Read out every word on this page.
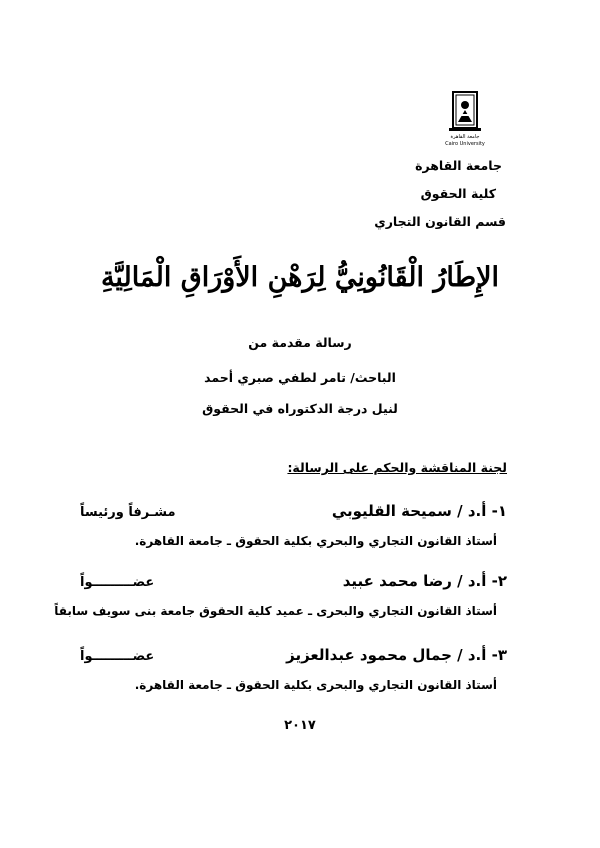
جامعة القاهرة
Cairo University
جامعة القاهرة
كلية الحقوق
قسم القانون التجاري
الإِطَارُ الْقَانُونِيُّ لِرَهْنِ الأَوْرَاقِ الْمَالِيَّةِ
رسالة مقدمة من
الباحث/ تامر لطفي صبري أحمد
لنيل درجة الدكتوراه في الحقوق
لجنة المناقشة والحكم على الرسالة:
١- أ.د / سميحة القليوبي
مشـرفاً ورئيساً
أستاذ القانون التجاري والبحري بكلية الحقوق ـ جامعة القاهرة.
٢- أ.د / رضا محمد عبيد
عضـــــــــواً
أستاذ القانون التجاري والبحرى ـ عميد كلية الحقوق جامعة بنى سويف سابقاً
٣- أ.د / جمال محمود عبدالعزيز
عضـــــــــواً
أستاذ القانون التجاري والبحرى بكلية الحقوق ـ جامعة القاهرة.
٢٠١٧
